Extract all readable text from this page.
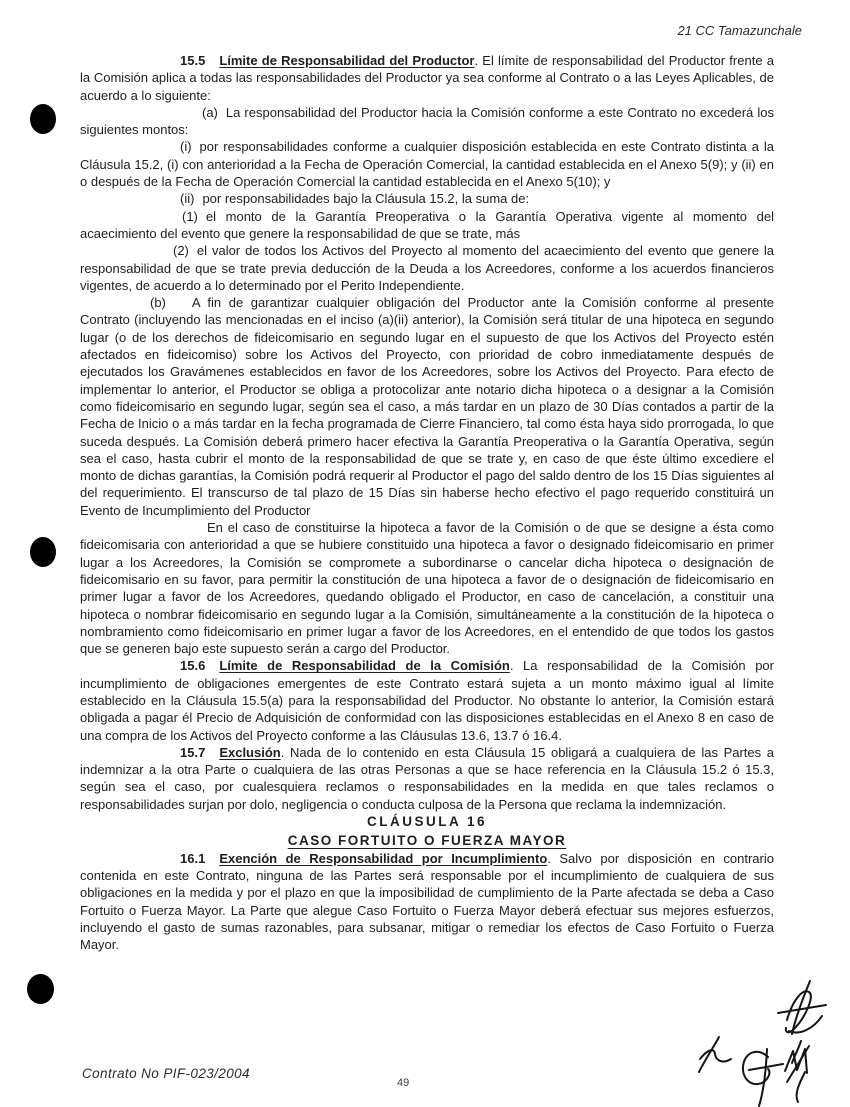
21 CC Tamazunchale

15.5 Límite de Responsabilidad del Productor. El límite de responsabilidad del Productor frente a la Comisión aplica a todas las responsabilidades del Productor ya sea conforme al Contrato o a las Leyes Aplicables, de acuerdo a lo siguiente:

(a) La responsabilidad del Productor hacia la Comisión conforme a este Contrato no excederá los siguientes montos:

(i) por responsabilidades conforme a cualquier disposición establecida en este Contrato distinta a la Cláusula 15.2, (i) con anterioridad a la Fecha de Operación Comercial, la cantidad establecida en el Anexo 5(9); y (ii) en o después de la Fecha de Operación Comercial la cantidad establecida en el Anexo 5(10); y

(ii) por responsabilidades bajo la Cláusula 15.2, la suma de:

(1) el monto de la Garantía Preoperativa o la Garantía Operativa vigente al momento del acaecimiento del evento que genere la responsabilidad de que se trate, más

(2) el valor de todos los Activos del Proyecto al momento del acaecimiento del evento que genere la responsabilidad de que se trate previa deducción de la Deuda a los Acreedores, conforme a los acuerdos financieros vigentes, de acuerdo a lo determinado por el Perito Independiente.

(b) A fin de garantizar cualquier obligación del Productor ante la Comisión conforme al presente Contrato (incluyendo las mencionadas en el inciso (a)(ii) anterior), la Comisión será titular de una hipoteca en segundo lugar (o de los derechos de fideicomisario en segundo lugar en el supuesto de que los Activos del Proyecto estén afectados en fideicomiso) sobre los Activos del Proyecto, con prioridad de cobro inmediatamente después de ejecutados los Gravámenes establecidos en favor de los Acreedores, sobre los Activos del Proyecto. Para efecto de implementar lo anterior, el Productor se obliga a protocolizar ante notario dicha hipoteca o a designar a la Comisión como fideicomisario en segundo lugar, según sea el caso, a más tardar en un plazo de 30 Días contados a partir de la Fecha de Inicio o a más tardar en la fecha programada de Cierre Financiero, tal como ésta haya sido prorrogada, lo que suceda después. La Comisión deberá primero hacer efectiva la Garantía Preoperativa o la Garantía Operativa, según sea el caso, hasta cubrir el monto de la responsabilidad de que se trate y, en caso de que éste último excediere el monto de dichas garantías, la Comisión podrá requerir al Productor el pago del saldo dentro de los 15 Días siguientes al del requerimiento. El transcurso de tal plazo de 15 Días sin haberse hecho efectivo el pago requerido constituirá un Evento de Incumplimiento del Productor

En el caso de constituirse la hipoteca a favor de la Comisión o de que se designe a ésta como fideicomisaria con anterioridad a que se hubiere constituido una hipoteca a favor o designado fideicomisario en primer lugar a los Acreedores, la Comisión se compromete a subordinarse o cancelar dicha hipoteca o designación de fideicomisario en su favor, para permitir la constitución de una hipoteca a favor de o designación de fideicomisario en primer lugar a favor de los Acreedores, quedando obligado el Productor, en caso de cancelación, a constituir una hipoteca o nombrar fideicomisario en segundo lugar a la Comisión, simultáneamente a la constitución de la hipoteca o nombramiento como fideicomisario en primer lugar a favor de los Acreedores, en el entendido de que todos los gastos que se generen bajo este supuesto serán a cargo del Productor.

15.6 Límite de Responsabilidad de la Comisión. La responsabilidad de la Comisión por incumplimiento de obligaciones emergentes de este Contrato estará sujeta a un monto máximo igual al límite establecido en la Cláusula 15.5(a) para la responsabilidad del Productor. No obstante lo anterior, la Comisión estará obligada a pagar él Precio de Adquisición de conformidad con las disposiciones establecidas en el Anexo 8 en caso de una compra de los Activos del Proyecto conforme a las Cláusulas 13.6, 13.7 ó 16.4.

15.7 Exclusión. Nada de lo contenido en esta Cláusula 15 obligará a cualquiera de las Partes a indemnizar a la otra Parte o cualquiera de las otras Personas a que se hace referencia en la Cláusula 15.2 ó 15.3, según sea el caso, por cualesquiera reclamos o responsabilidades en la medida en que tales reclamos o responsabilidades surjan por dolo, negligencia o conducta culposa de la Persona que reclama la indemnización.

CLÁUSULA 16
CASO FORTUITO O FUERZA MAYOR

16.1 Exención de Responsabilidad por Incumplimiento. Salvo por disposición en contrario contenida en este Contrato, ninguna de las Partes será responsable por el incumplimiento de cualquiera de sus obligaciones en la medida y por el plazo en que la imposibilidad de cumplimiento de la Parte afectada se deba a Caso Fortuito o Fuerza Mayor. La Parte que alegue Caso Fortuito o Fuerza Mayor deberá efectuar sus mejores esfuerzos, incluyendo el gasto de sumas razonables, para subsanar, mitigar o remediar los efectos de Caso Fortuito o Fuerza Mayor.

Contrato No PIF-023/2004
49
